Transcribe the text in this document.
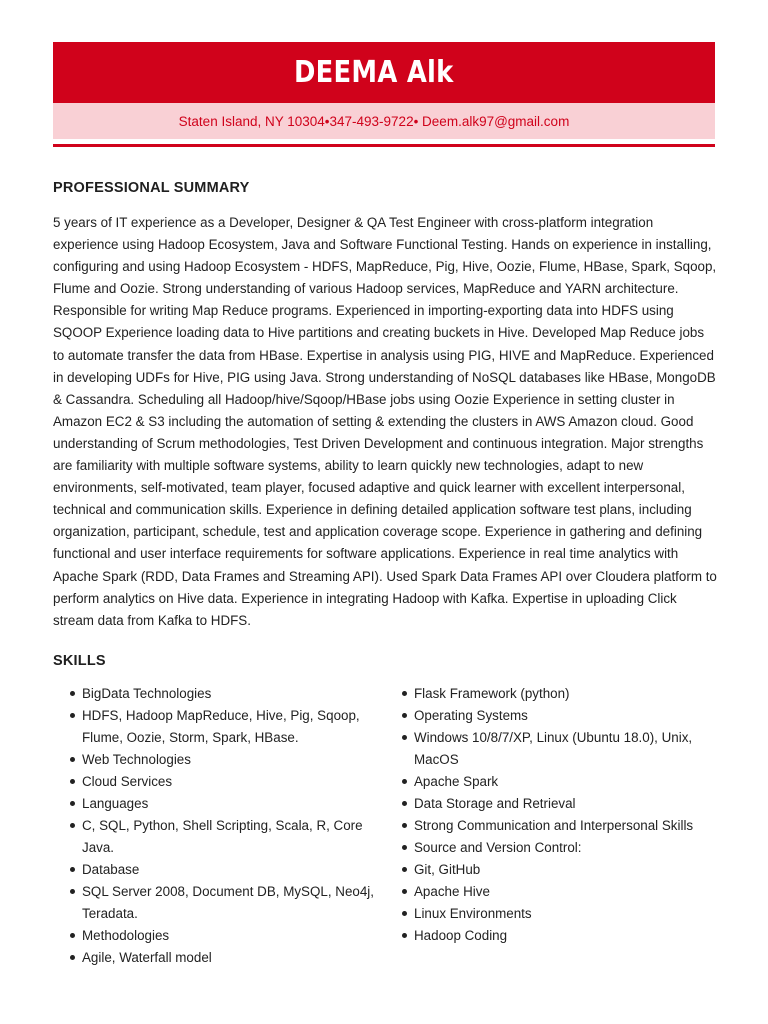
DEEMA Alk
Staten Island, NY 10304•347-493-9722• Deem.alk97@gmail.com
PROFESSIONAL SUMMARY

5 years of IT experience as a Developer, Designer & QA Test Engineer with cross-platform integration experience using Hadoop Ecosystem, Java and Software Functional Testing. Hands on experience in installing, configuring and using Hadoop Ecosystem - HDFS, MapReduce, Pig, Hive, Oozie, Flume, HBase, Spark, Sqoop, Flume and Oozie. Strong understanding of various Hadoop services, MapReduce and YARN architecture. Responsible for writing Map Reduce programs. Experienced in importing-exporting data into HDFS using SQOOP Experience loading data to Hive partitions and creating buckets in Hive. Developed Map Reduce jobs to automate transfer the data from HBase. Expertise in analysis using PIG, HIVE and MapReduce. Experienced in developing UDFs for Hive, PIG using Java. Strong understanding of NoSQL databases like HBase, MongoDB & Cassandra. Scheduling all Hadoop/hive/Sqoop/HBase jobs using Oozie Experience in setting cluster in Amazon EC2 & S3 including the automation of setting & extending the clusters in AWS Amazon cloud. Good understanding of Scrum methodologies, Test Driven Development and continuous integration. Major strengths are familiarity with multiple software systems, ability to learn quickly new technologies, adapt to new environments, self-motivated, team player, focused adaptive and quick learner with excellent interpersonal, technical and communication skills. Experience in defining detailed application software test plans, including organization, participant, schedule, test and application coverage scope. Experience in gathering and defining functional and user interface requirements for software applications. Experience in real time analytics with Apache Spark (RDD, Data Frames and Streaming API). Used Spark Data Frames API over Cloudera platform to perform analytics on Hive data. Experience in integrating Hadoop with Kafka. Expertise in uploading Click stream data from Kafka to HDFS.

SKILLS
BigData Technologies
HDFS, Hadoop MapReduce, Hive, Pig, Sqoop, Flume, Oozie, Storm, Spark, HBase.
Web Technologies
Cloud Services
Languages
C, SQL, Python, Shell Scripting, Scala, R, Core Java.
Database
SQL Server 2008, Document DB, MySQL, Neo4j, Teradata.
Methodologies
Agile, Waterfall model
Flask Framework (python)
Operating Systems
Windows 10/8/7/XP, Linux (Ubuntu 18.0), Unix, MacOS
Apache Spark
Data Storage and Retrieval
Strong Communication and Interpersonal Skills
Source and Version Control:
Git, GitHub
Apache Hive
Linux Environments
Hadoop Coding
